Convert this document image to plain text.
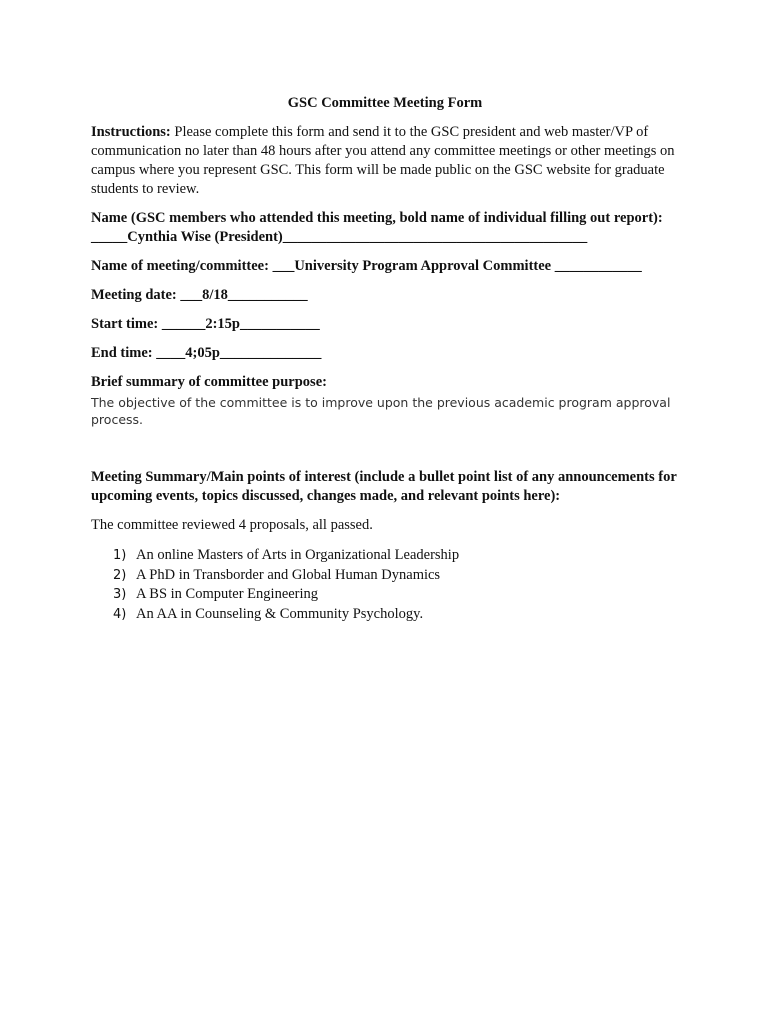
GSC Committee Meeting Form

Instructions: Please complete this form and send it to the GSC president and web master/VP of communication no later than 48 hours after you attend any committee meetings or other meetings on campus where you represent GSC. This form will be made public on the GSC website for graduate students to review.

Name (GSC members who attended this meeting, bold name of individual filling out report): _____Cynthia Wise (President)__________________________________________

Name of meeting/committee: ___University Program Approval Committee ____________

Meeting date: ___8/18___________

Start time: ______2:15p___________

End time: ____4;05p______________

Brief summary of committee purpose:

The objective of the committee is to improve upon the previous academic program approval process.

Meeting Summary/Main points of interest (include a bullet point list of any announcements for upcoming events, topics discussed, changes made, and relevant points here):

The committee reviewed 4 proposals, all passed.

1) An online Masters of Arts in Organizational Leadership
2) A PhD in Transborder and Global Human Dynamics
3) A BS in Computer Engineering
4) An AA in Counseling & Community Psychology.
